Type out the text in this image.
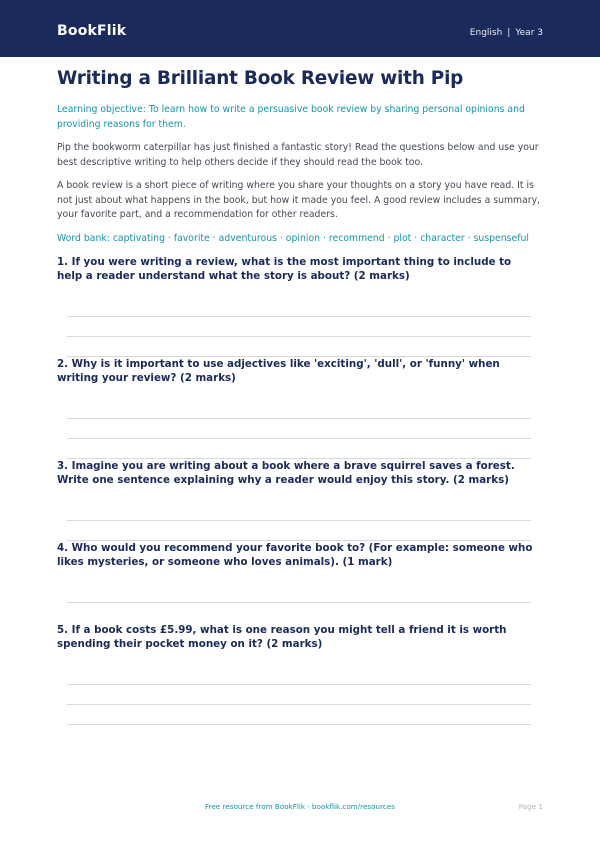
BookFlik	English | Year 3
Writing a Brilliant Book Review with Pip
Learning objective: To learn how to write a persuasive book review by sharing personal opinions and providing reasons for them.
Pip the bookworm caterpillar has just finished a fantastic story! Read the questions below and use your best descriptive writing to help others decide if they should read the book too.
A book review is a short piece of writing where you share your thoughts on a story you have read. It is not just about what happens in the book, but how it made you feel. A good review includes a summary, your favorite part, and a recommendation for other readers.
Word bank: captivating · favorite · adventurous · opinion · recommend · plot · character · suspenseful
1. If you were writing a review, what is the most important thing to include to help a reader understand what the story is about? (2 marks)
2. Why is it important to use adjectives like 'exciting', 'dull', or 'funny' when writing your review? (2 marks)
3. Imagine you are writing about a book where a brave squirrel saves a forest. Write one sentence explaining why a reader would enjoy this story. (2 marks)
4. Who would you recommend your favorite book to? (For example: someone who likes mysteries, or someone who loves animals). (1 mark)
5. If a book costs £5.99, what is one reason you might tell a friend it is worth spending their pocket money on it? (2 marks)
Free resource from BookFlik · bookflik.com/resources	Page 1
